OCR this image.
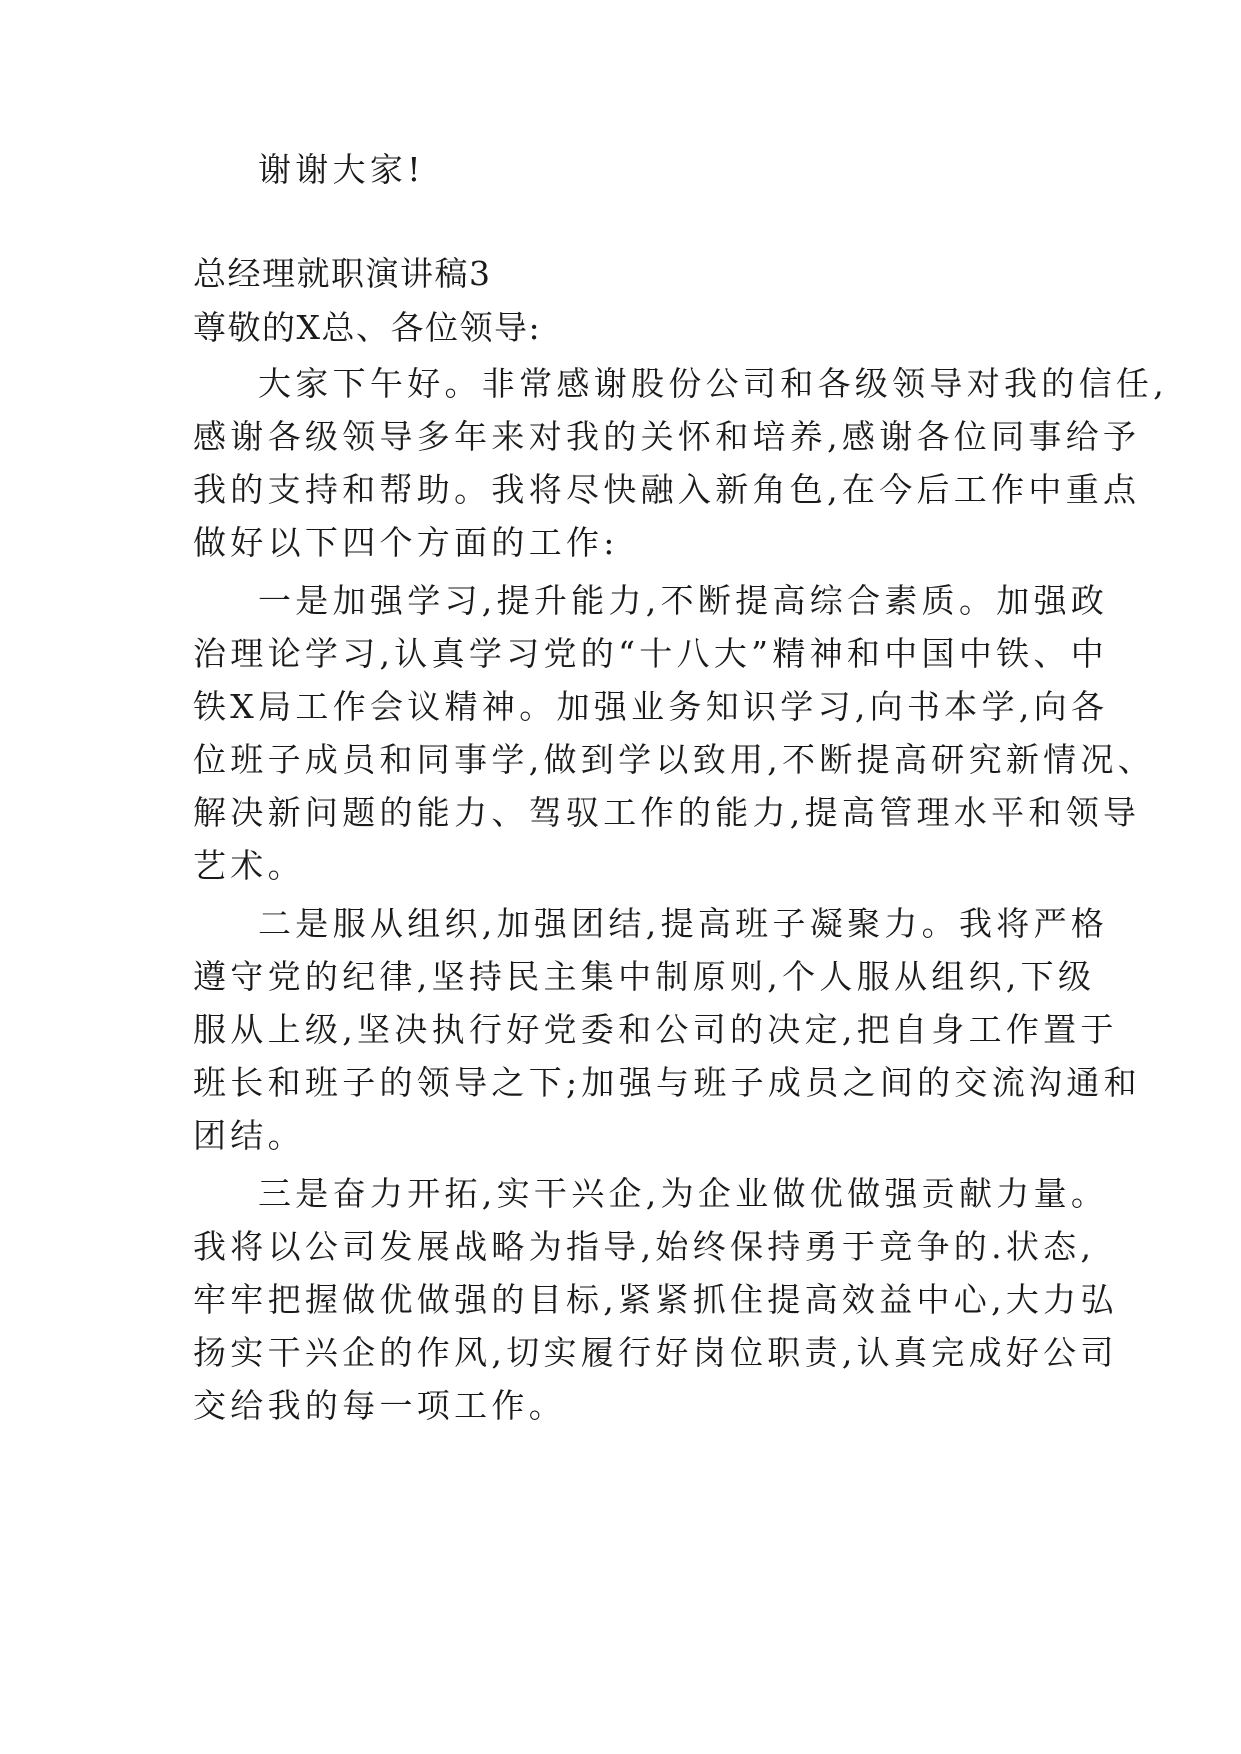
谢谢大家!
总经理就职演讲稿3
尊敬的X总、各位领导:
大家下午好。非常感谢股份公司和各级领导对我的信任,
感谢各级领导多年来对我的关怀和培养,感谢各位同事给予
我的支持和帮助。我将尽快融入新角色,在今后工作中重点
做好以下四个方面的工作:
一是加强学习,提升能力,不断提高综合素质。加强政
治理论学习,认真学习党的“十八大”精神和中国中铁、中
铁X局工作会议精神。加强业务知识学习,向书本学,向各
位班子成员和同事学,做到学以致用,不断提高研究新情况、
解决新问题的能力、驾驭工作的能力,提高管理水平和领导
艺术。
二是服从组织,加强团结,提高班子凝聚力。我将严格
遵守党的纪律,坚持民主集中制原则,个人服从组织,下级
服从上级,坚决执行好党委和公司的决定,把自身工作置于
班长和班子的领导之下;加强与班子成员之间的交流沟通和
团结。
三是奋力开拓,实干兴企,为企业做优做强贡献力量。
我将以公司发展战略为指导,始终保持勇于竞争的.状态,
牢牢把握做优做强的目标,紧紧抓住提高效益中心,大力弘
扬实干兴企的作风,切实履行好岗位职责,认真完成好公司
交给我的每一项工作。
